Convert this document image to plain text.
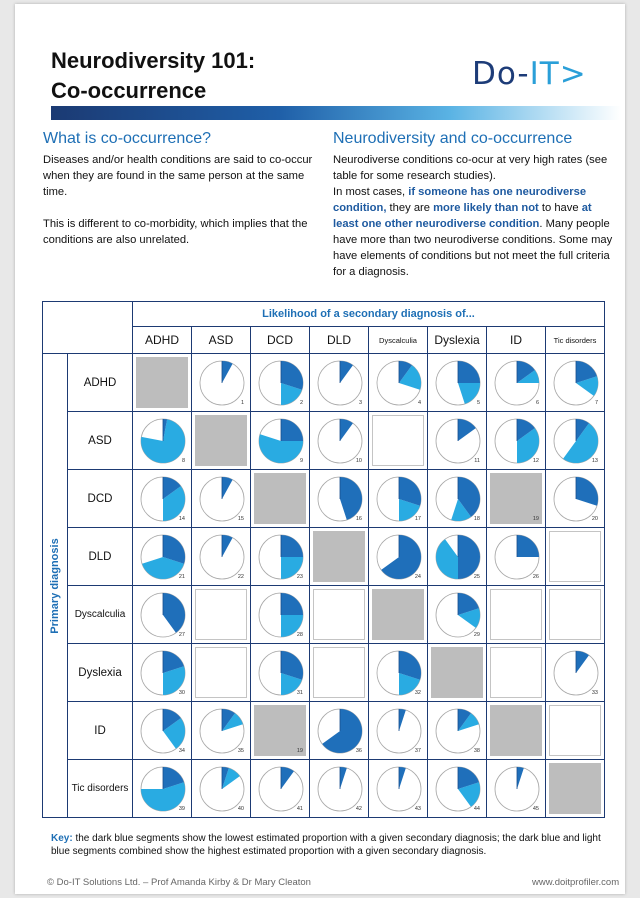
Neurodiversity 101:
Co-occurrence	Do-IT>
What is co-occurrence?

Diseases and/or health conditions are said to co-occur when they are found in the same person at the same time.

This is different to co-morbidity, which implies that the conditions are also unrelated.

Neurodiversity and co-occurrence

Neurodiverse conditions co-ocur at very high rates (see table for some research studies).

In most cases, if someone has one neurodiverse condition, they are more likely than not to have at least one other neurodiverse condition. Many people have more than two neurodiverse conditions. Some may have elements of conditions but not meet the full criteria for a diagnosis.

		Likelihood of a secondary diagnosis of...							
		ADHD	ASD	DCD	DLD	Dyscalculia	Dyslexia	ID	Tic disorders

Primary diagnosis	ADHD		1	2	3	4	5	6	7

	ASD	8		9	10		11	12	13

	DCD	14	15		16	17	18	19	20

	DLD	21	22	23		24	25	26	

	Dyscalculia	27		28			29		

	Dyslexia	30		31		32			33

	ID	34	35	19	36	37	38		

	Tic disorders	39	40	41	42	43	44	45	

Key: the dark blue segments show the lowest estimated proportion with a given secondary diagnosis; the dark blue and light blue segments combined show the highest estimated proportion with a given secondary diagnosis.
© Do-IT Solutions Ltd. – Prof Amanda Kirby & Dr Mary Cleaton	www.doitprofiler.com
